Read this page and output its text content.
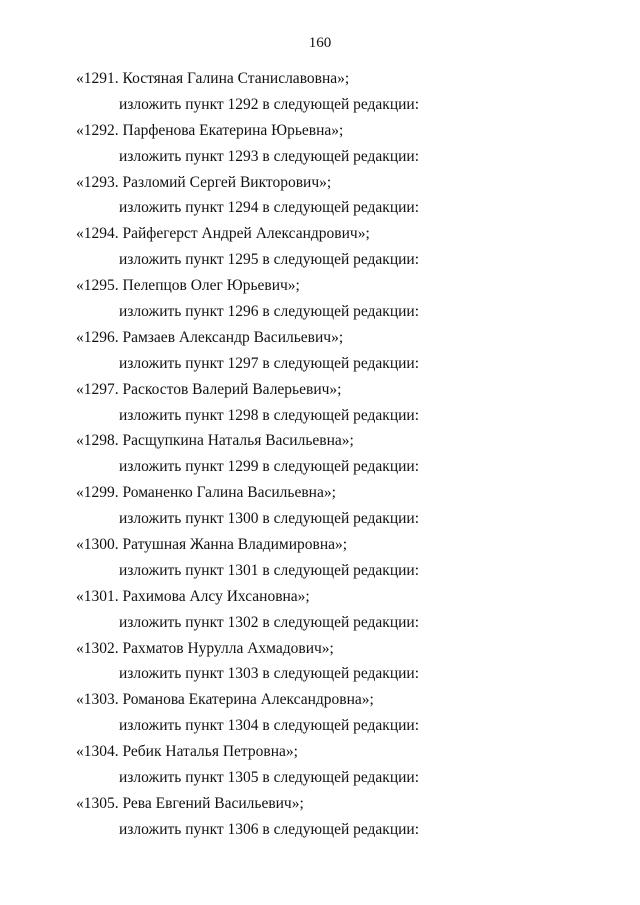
160
«1291. Костяная Галина Станиславовна»;
изложить пункт 1292 в следующей редакции:
«1292. Парфенова Екатерина Юрьевна»;
изложить пункт 1293 в следующей редакции:
«1293. Разломий Сергей Викторович»;
изложить пункт 1294 в следующей редакции:
«1294. Райфегерст Андрей Александрович»;
изложить пункт 1295 в следующей редакции:
«1295. Пелепцов Олег Юрьевич»;
изложить пункт 1296 в следующей редакции:
«1296. Рамзаев Александр Васильевич»;
изложить пункт 1297 в следующей редакции:
«1297. Раскостов Валерий Валерьевич»;
изложить пункт 1298 в следующей редакции:
«1298. Расщупкина Наталья Васильевна»;
изложить пункт 1299 в следующей редакции:
«1299. Романенко Галина Васильевна»;
изложить пункт 1300 в следующей редакции:
«1300. Ратушная Жанна Владимировна»;
изложить пункт 1301 в следующей редакции:
«1301. Рахимова Алсу Ихсановна»;
изложить пункт 1302 в следующей редакции:
«1302. Рахматов Нурулла Ахмадович»;
изложить пункт 1303 в следующей редакции:
«1303. Романова Екатерина Александровна»;
изложить пункт 1304 в следующей редакции:
«1304. Ребик Наталья Петровна»;
изложить пункт 1305 в следующей редакции:
«1305. Рева Евгений Васильевич»;
изложить пункт 1306 в следующей редакции:
